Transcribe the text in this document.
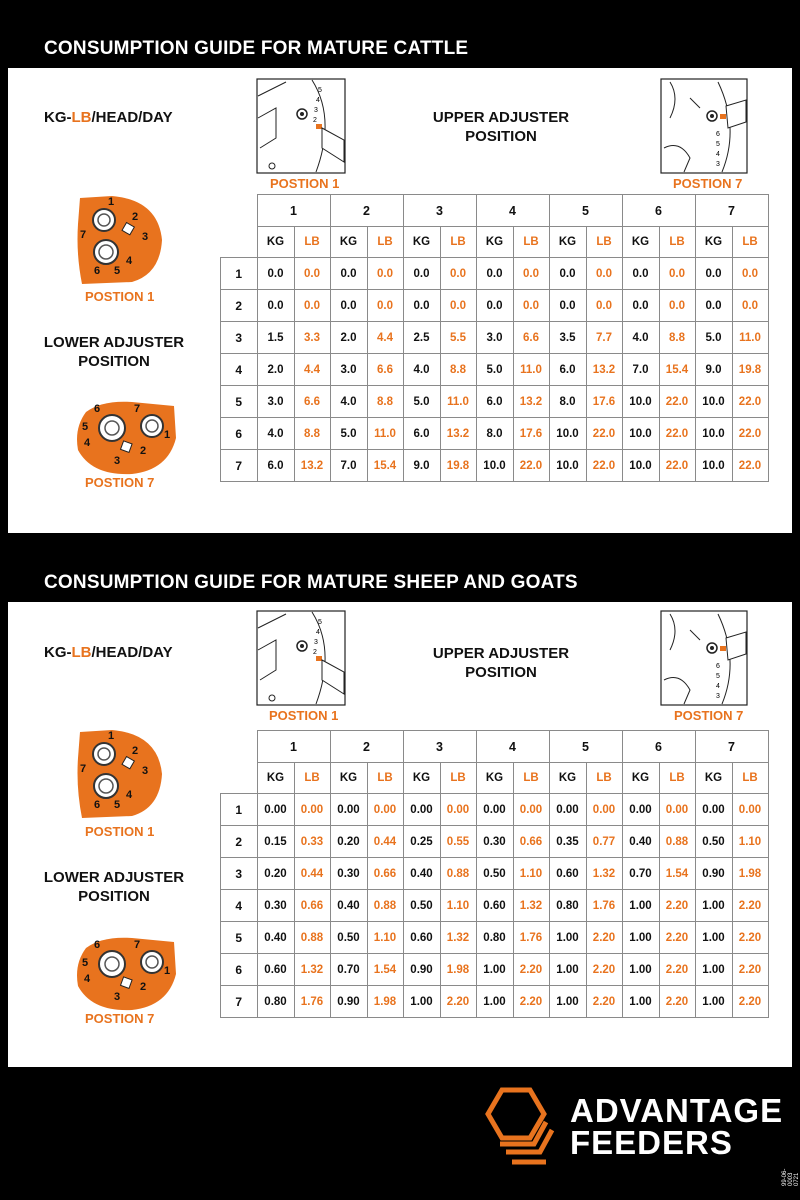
CONSUMPTION GUIDE FOR MATURE CATTLE
KG-LB/HEAD/DAY
5
4
3
2
POSTION 1
UPPER ADJUSTER POSITION	6
5
4
3
POSTION 7
1
2
3
4
5
6
7
POSTION 1
LOWER ADJUSTER POSITION
6
5
4
3
2
1
7
POSTION 7
	1		2		3		4		5		6		7	
	KG	LB	KG	LB	KG	LB	KG	LB	KG	LB	KG	LB	KG	LB
1	0.0	0.0	0.0	0.0	0.0	0.0	0.0	0.0	0.0	0.0	0.0	0.0	0.0	0.0
2	0.0	0.0	0.0	0.0	0.0	0.0	0.0	0.0	0.0	0.0	0.0	0.0	0.0	0.0
3	1.5	3.3	2.0	4.4	2.5	5.5	3.0	6.6	3.5	7.7	4.0	8.8	5.0	11.0
4	2.0	4.4	3.0	6.6	4.0	8.8	5.0	11.0	6.0	13.2	7.0	15.4	9.0	19.8
5	3.0	6.6	4.0	8.8	5.0	11.0	6.0	13.2	8.0	17.6	10.0	22.0	10.0	22.0
6	4.0	8.8	5.0	11.0	6.0	13.2	8.0	17.6	10.0	22.0	10.0	22.0	10.0	22.0
7	6.0	13.2	7.0	15.4	9.0	19.8	10.0	22.0	10.0	22.0	10.0	22.0	10.0	22.0
CONSUMPTION GUIDE FOR MATURE SHEEP AND GOATS
KG-LB/HEAD/DAY
5
4
3
2
POSTION 1
UPPER ADJUSTER POSITION	6
5
4
3
POSTION 7
1
2
3
4
5
6
7
POSTION 1
LOWER ADJUSTER POSITION
6
5
4
3
2
1
7
POSTION 7
	1		2		3		4		5		6		7	
	KG	LB	KG	LB	KG	LB	KG	LB	KG	LB	KG	LB	KG	LB
1	0.00	0.00	0.00	0.00	0.00	0.00	0.00	0.00	0.00	0.00	0.00	0.00	0.00	0.00
2	0.15	0.33	0.20	0.44	0.25	0.55	0.30	0.66	0.35	0.77	0.40	0.88	0.50	1.10
3	0.20	0.44	0.30	0.66	0.40	0.88	0.50	1.10	0.60	1.32	0.70	1.54	0.90	1.98
4	0.30	0.66	0.40	0.88	0.50	1.10	0.60	1.32	0.80	1.76	1.00	2.20	1.00	2.20
5	0.40	0.88	0.50	1.10	0.60	1.32	0.80	1.76	1.00	2.20	1.00	2.20	1.00	2.20
6	0.60	1.32	0.70	1.54	0.90	1.98	1.00	2.20	1.00	2.20	1.00	2.20	1.00	2.20
7	0.80	1.76	0.90	1.98	1.00	2.20	1.00	2.20	1.00	2.20	1.00	2.20	1.00	2.20
ADVANTAGE
FEEDERS
99-06-0003 0721
